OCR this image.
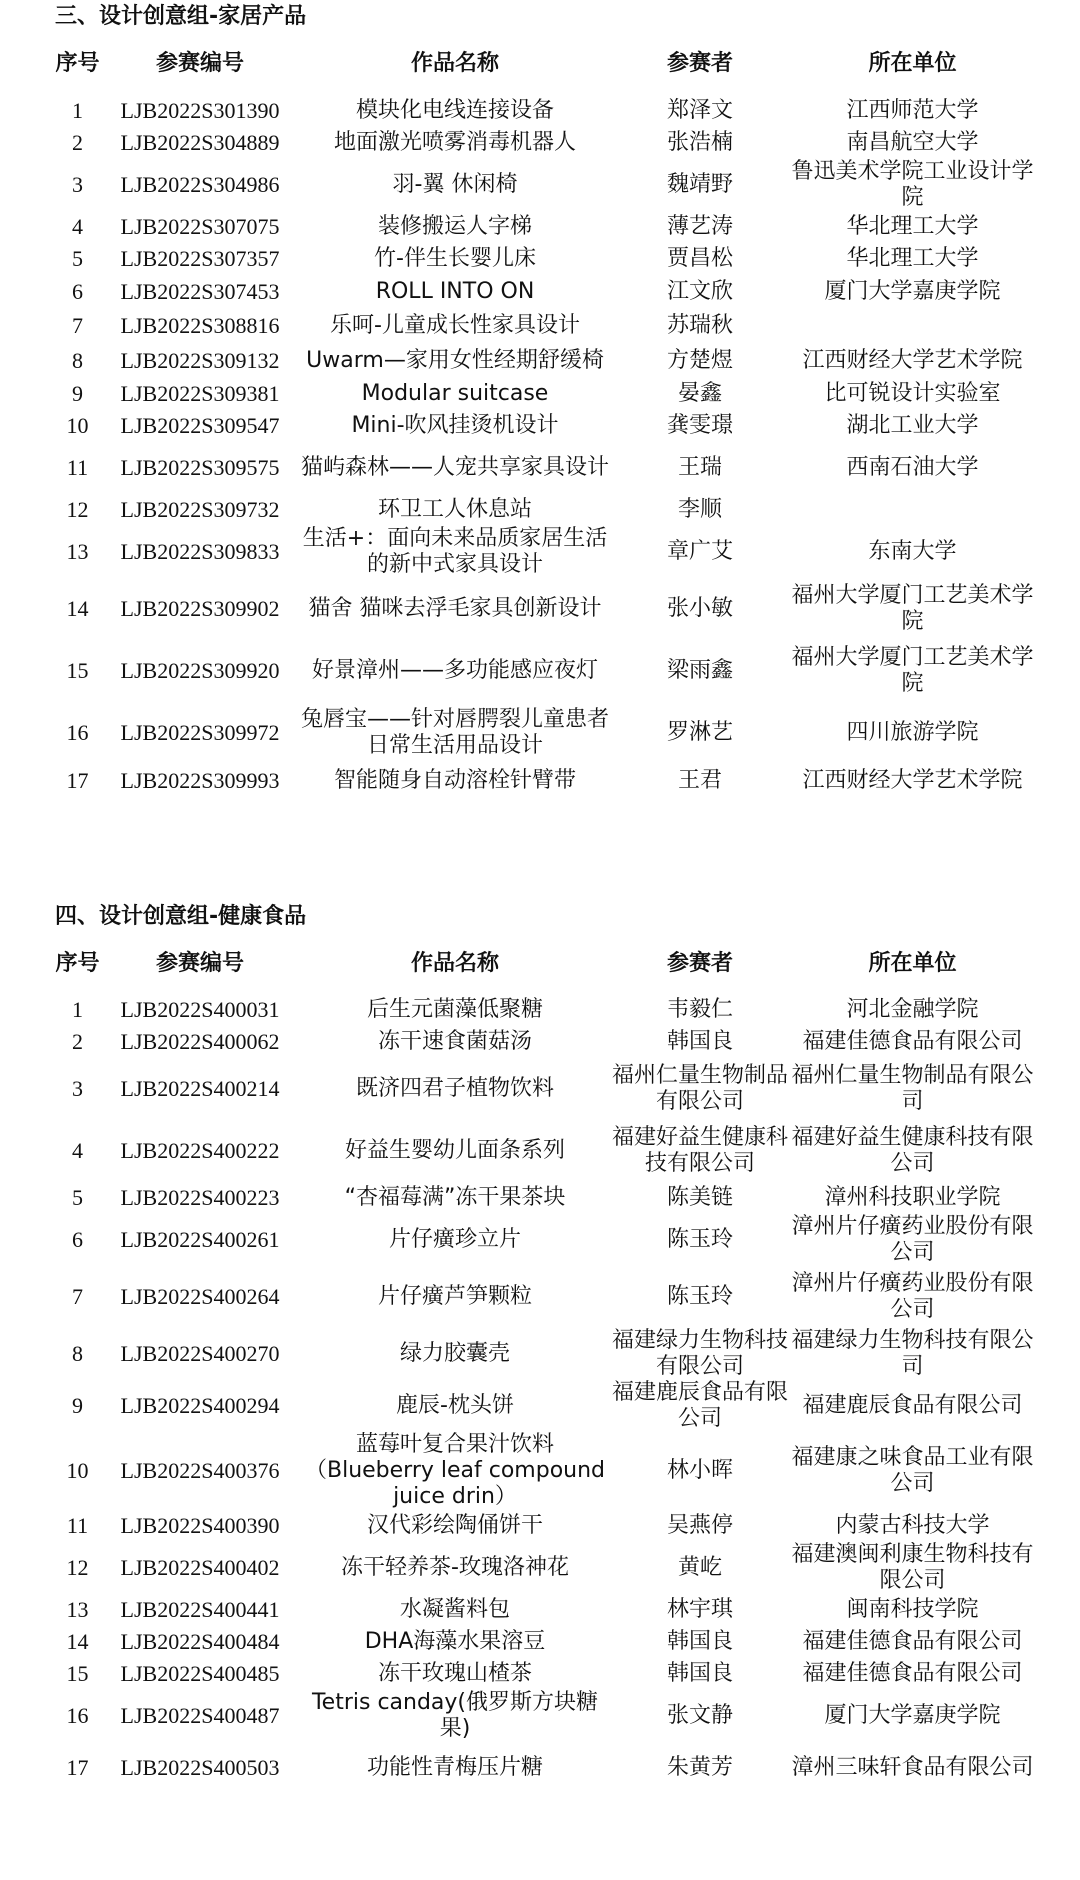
三、设计创意组-家居产品
序号	参赛编号	作品名称	参赛者	所在单位
1	LJB2022S301390	模块化电线连接设备	郑泽文	江西师范大学
2	LJB2022S304889	地面激光喷雾消毒机器人	张浩楠	南昌航空大学
3	LJB2022S304986	羽-翼 休闲椅	魏靖野	鲁迅美术学院工业设计学院
4	LJB2022S307075	装修搬运人字梯	薄艺涛	华北理工大学
5	LJB2022S307357	竹-伴生长婴儿床	贾昌松	华北理工大学
6	LJB2022S307453	ROLL INTO ON	江文欣	厦门大学嘉庚学院
7	LJB2022S308816	乐呵-儿童成长性家具设计	苏瑞秋	
8	LJB2022S309132	Uwarm—家用女性经期舒缓椅	方楚煜	江西财经大学艺术学院
9	LJB2022S309381	Modular suitcase	晏鑫	比可锐设计实验室
10	LJB2022S309547	Mini-吹风挂烫机设计	龚雯璟	湖北工业大学
11	LJB2022S309575	猫屿森林——人宠共享家具设计	王瑞	西南石油大学
12	LJB2022S309732	环卫工人休息站	李顺	
13	LJB2022S309833	生活+：面向未来品质家居生活的新中式家具设计	章广艾	东南大学
14	LJB2022S309902	猫舍 猫咪去浮毛家具创新设计	张小敏	福州大学厦门工艺美术学院
15	LJB2022S309920	好景漳州——多功能感应夜灯	梁雨鑫	福州大学厦门工艺美术学院
16	LJB2022S309972	兔唇宝——针对唇腭裂儿童患者日常生活用品设计	罗淋艺	四川旅游学院
17	LJB2022S309993	智能随身自动溶栓针臂带	王君	江西财经大学艺术学院
四、设计创意组-健康食品
序号	参赛编号	作品名称	参赛者	所在单位
1	LJB2022S400031	后生元菌藻低聚糖	韦毅仁	河北金融学院
2	LJB2022S400062	冻干速食菌菇汤	韩国良	福建佳德食品有限公司
3	LJB2022S400214	既济四君子植物饮料	福州仁量生物制品有限公司	福州仁量生物制品有限公司
4	LJB2022S400222	好益生婴幼儿面条系列	福建好益生健康科技有限公司	福建好益生健康科技有限公司
5	LJB2022S400223	“杏福莓满”冻干果茶块	陈美链	漳州科技职业学院
6	LJB2022S400261	片仔癀珍立片	陈玉玲	漳州片仔癀药业股份有限公司
7	LJB2022S400264	片仔癀芦笋颗粒	陈玉玲	漳州片仔癀药业股份有限公司
8	LJB2022S400270	绿力胶囊壳	福建绿力生物科技有限公司	福建绿力生物科技有限公司
9	LJB2022S400294	鹿辰-枕头饼	福建鹿辰食品有限公司	福建鹿辰食品有限公司
10	LJB2022S400376	蓝莓叶复合果汁饮料（Blueberry leaf compound juice drin）	林小晖	福建康之味食品工业有限公司
11	LJB2022S400390	汉代彩绘陶俑饼干	吴燕停	内蒙古科技大学
12	LJB2022S400402	冻干轻养茶-玫瑰洛神花	黄屹	福建澳闽利康生物科技有限公司
13	LJB2022S400441	水凝酱料包	林宇琪	闽南科技学院
14	LJB2022S400484	DHA海藻水果溶豆	韩国良	福建佳德食品有限公司
15	LJB2022S400485	冻干玫瑰山楂茶	韩国良	福建佳德食品有限公司
16	LJB2022S400487	Tetris canday(俄罗斯方块糖果)	张文静	厦门大学嘉庚学院
17	LJB2022S400503	功能性青梅压片糖	朱黄芳	漳州三味轩食品有限公司
